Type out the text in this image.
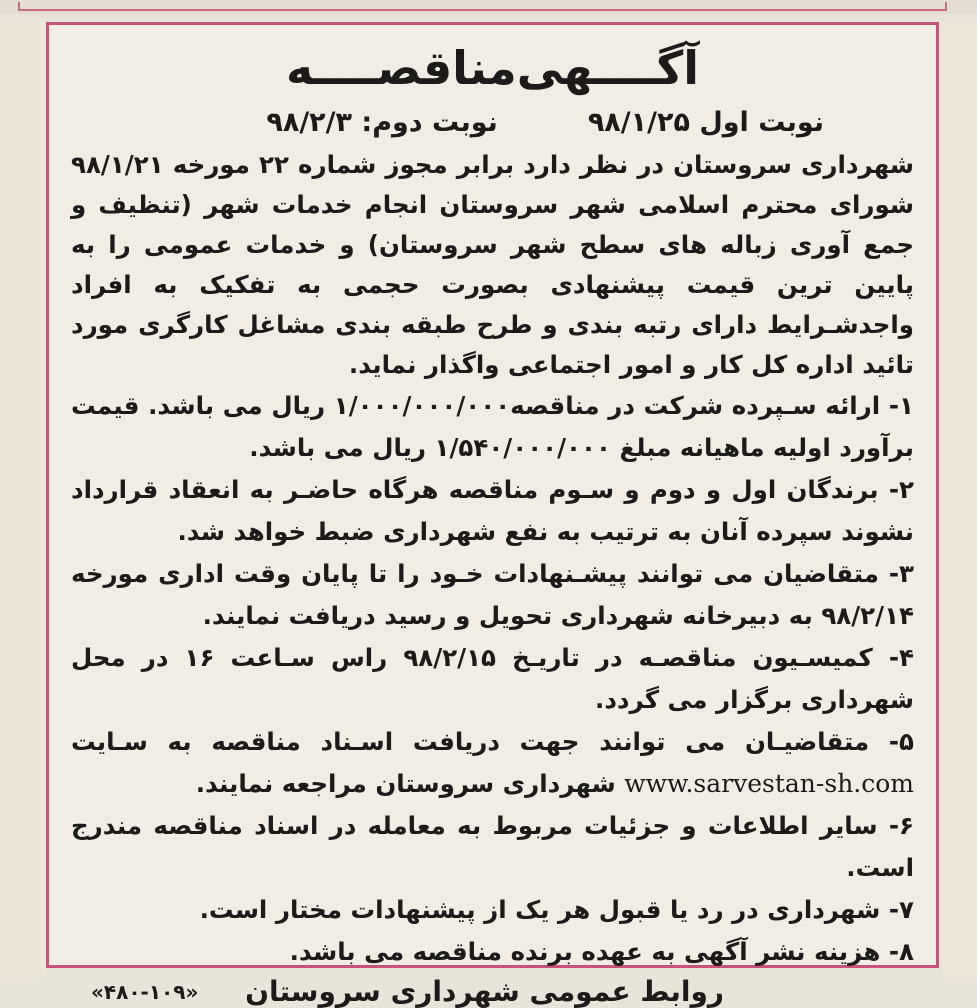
آگــــهی‌مناقصــــه
نوبت اول ۹۸/۱/۲۵
نوبت دوم: ۹۸/۲/۳

شهرداری سروستان در نظر دارد برابر مجوز شماره ۲۲ مورخه ۹۸/۱/۲۱ شورای محترم اسلامی شهر سروستان انجام خدمات شهر (تنظیف و جمع آوری زباله های سطح شهر سروستان) و خدمات عمومی را به پایین ترین قیمت پیشنهادی بصورت حجمی به تفکیک به افراد واجدشـرایط دارای رتبه بندی و طرح طبقه بندی مشاغل کارگری مورد تائید اداره کل کار و امور اجتماعی واگذار نماید.

۱- ارائه سـپرده شرکت در مناقصه۱/۰۰۰/۰۰۰/۰۰۰ ریال می باشد. قیمت برآورد اولیه ماهیانه مبلغ ۱/۵۴۰/۰۰۰/۰۰۰ ریال می باشد.

۲- برندگان اول و دوم و سـوم مناقصه هرگاه حاضـر به انعقاد قرارداد نشوند سپرده آنان به ترتیب به نفع شهرداری ضبط خواهد شد.

۳- متقاضیان می توانند پیشـنهادات خـود را تا پایان وقت اداری مورخه ۹۸/۲/۱۴ به دبیرخانه شهرداری تحویل و رسید دریافت نمایند.

۴- کمیسـیون مناقصـه در تاریـخ ۹۸/۲/۱۵ راس سـاعت ۱۶ در محل شهرداری برگزار می گردد.

۵- متقاضیـان می توانند جهت دریافت اسـناد مناقصه به سـایت www.sarvestan-sh.com شهرداری سروستان مراجعه نمایند.

۶- سایر اطلاعات و جزئیات مربوط به معامله در اسناد مناقصه مندرج است.

۷- شهرداری در رد یا قبول هر یک از پیشنهادات مختار است.

۸- هزینه نشر آگهی به عهده برنده مناقصه می باشد.

روابط عمومی شهرداری سروستان
«۴۸۰-۱۰۹»
